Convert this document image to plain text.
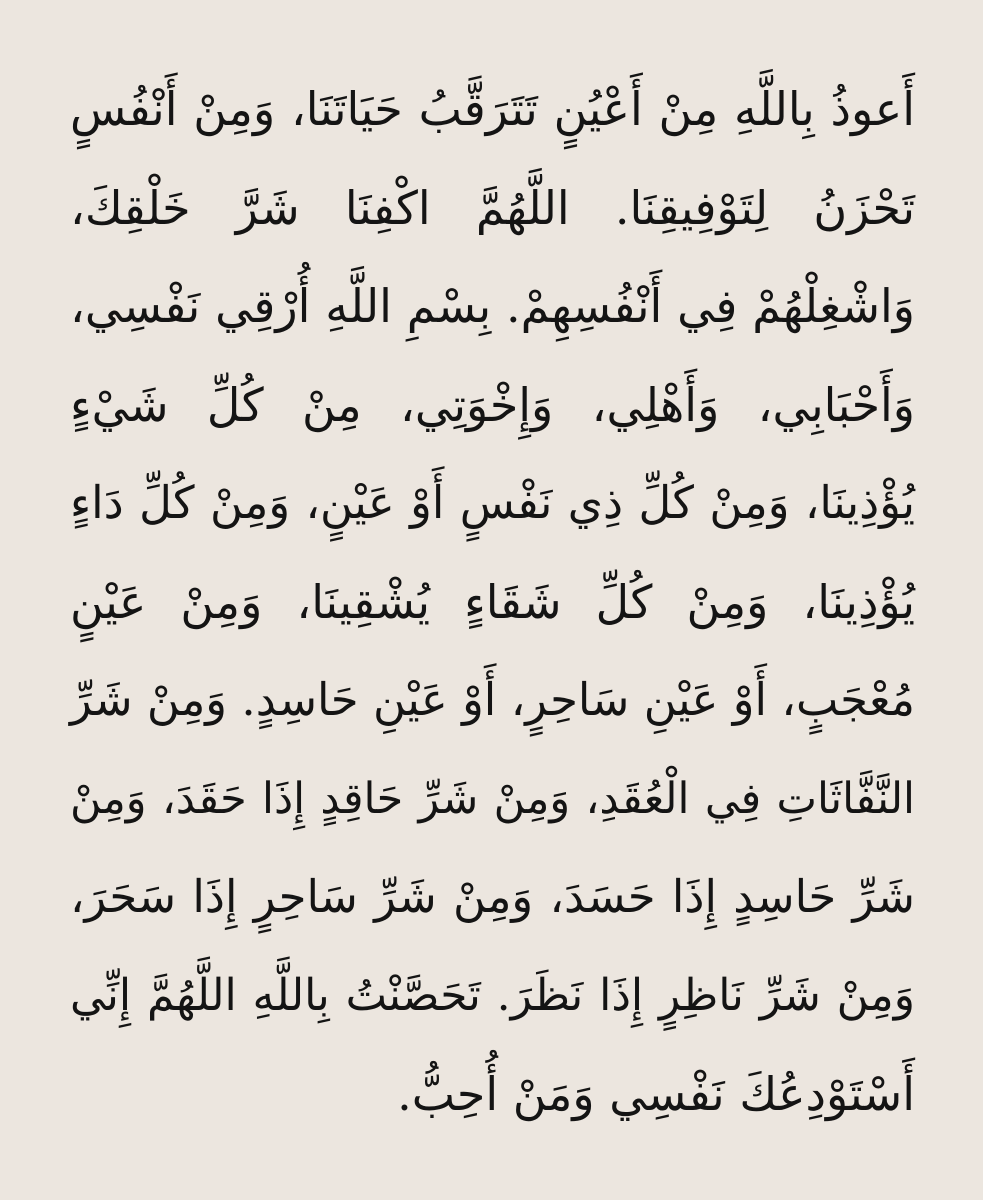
أَعوذُ بِاللَّهِ مِنْ أَعْيُنٍ تَتَرَقَّبُ حَيَاتَنَا، وَمِنْ أَنْفُسٍ
تَحْزَنُ لِتَوْفِيقِنَا. اللَّهُمَّ اكْفِنَا شَرَّ خَلْقِكَ،
وَاشْغِلْهُمْ فِي أَنْفُسِهِمْ. بِسْمِ اللَّهِ أُرْقِي نَفْسِي،
وَأَحْبَابِي، وَأَهْلِي، وَإِخْوَتِي، مِنْ كُلِّ شَيْءٍ
يُؤْذِينَا، وَمِنْ كُلِّ ذِي نَفْسٍ أَوْ عَيْنٍ، وَمِنْ كُلِّ دَاءٍ
يُؤْذِينَا، وَمِنْ كُلِّ شَقَاءٍ يُشْقِينَا، وَمِنْ عَيْنٍ
مُعْجَبٍ، أَوْ عَيْنِ سَاحِرٍ، أَوْ عَيْنِ حَاسِدٍ. وَمِنْ شَرِّ
النَّفَّاثَاتِ فِي الْعُقَدِ، وَمِنْ شَرِّ حَاقِدٍ إِذَا حَقَدَ، وَمِنْ
شَرِّ حَاسِدٍ إِذَا حَسَدَ، وَمِنْ شَرِّ سَاحِرٍ إِذَا سَحَرَ،
وَمِنْ شَرِّ نَاظِرٍ إِذَا نَظَرَ. تَحَصَّنْتُ بِاللَّهِ اللَّهُمَّ إِنِّي
أَسْتَوْدِعُكَ نَفْسِي وَمَنْ أُحِبُّ.
